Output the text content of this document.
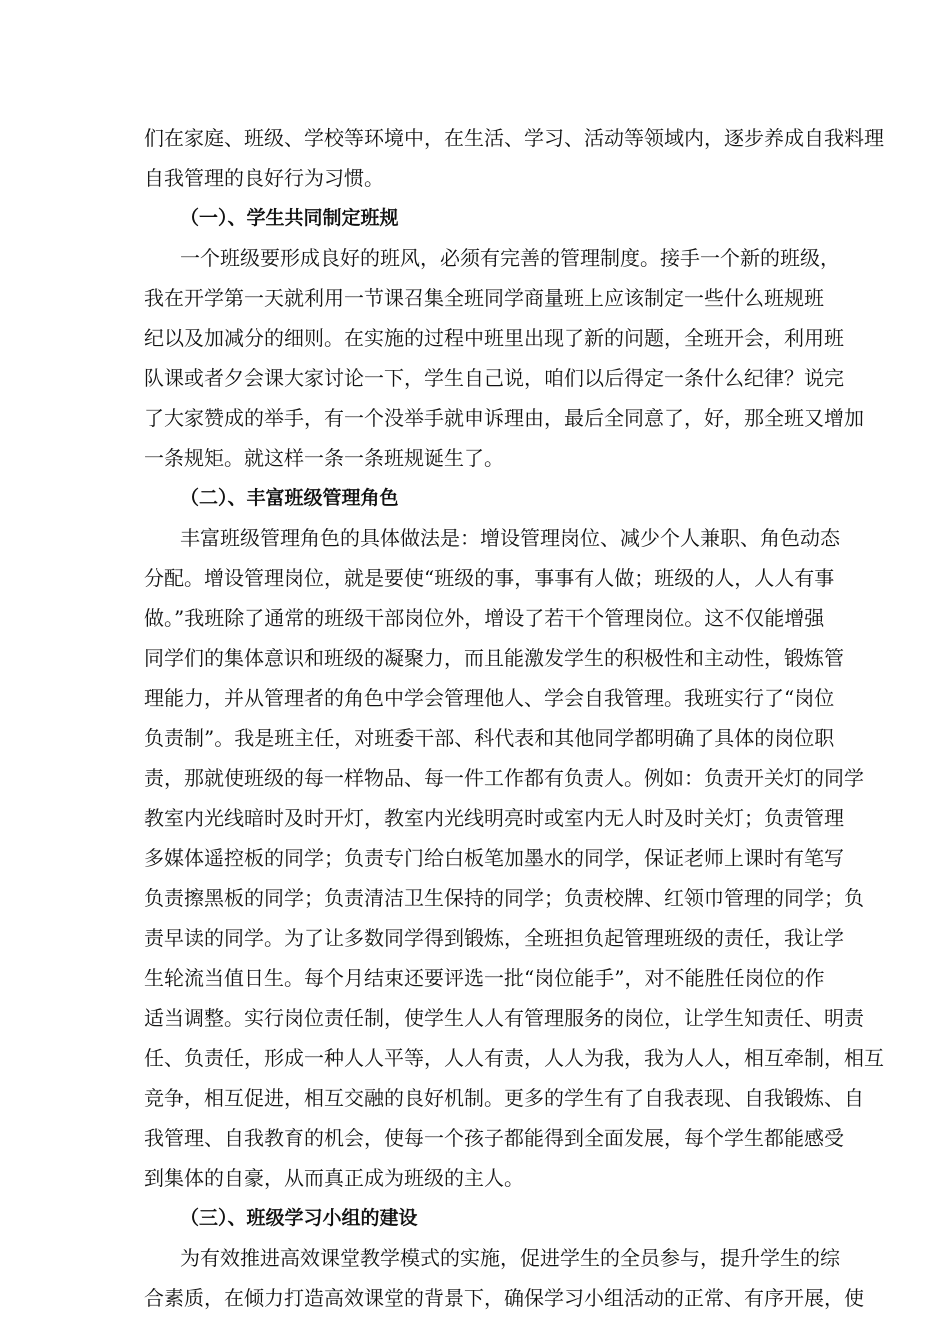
们在家庭、班级、学校等环境中，在生活、学习、活动等领域内，逐步养成自我料理
自我管理的良好行为习惯。
（一）、学生共同制定班规
一个班级要形成良好的班风，必须有完善的管理制度。接手一个新的班级，
我在开学第一天就利用一节课召集全班同学商量班上应该制定一些什么班规班
纪以及加减分的细则。在实施的过程中班里出现了新的问题，全班开会，利用班
队课或者夕会课大家讨论一下，学生自己说，咱们以后得定一条什么纪律？说完
了大家赞成的举手，有一个没举手就申诉理由，最后全同意了，好，那全班又增加
一条规矩。就这样一条一条班规诞生了。
（二）、丰富班级管理角色
丰富班级管理角色的具体做法是：增设管理岗位、减少个人兼职、角色动态
分配。增设管理岗位，就是要使“班级的事，事事有人做；班级的人，人人有事
做。”我班除了通常的班级干部岗位外，增设了若干个管理岗位。这不仅能增强
同学们的集体意识和班级的凝聚力，而且能激发学生的积极性和主动性，锻炼管
理能力，并从管理者的角色中学会管理他人、学会自我管理。我班实行了“岗位
负责制”。我是班主任，对班委干部、科代表和其他同学都明确了具体的岗位职
责，那就使班级的每一样物品、每一件工作都有负责人。例如：负责开关灯的同学
教室内光线暗时及时开灯，教室内光线明亮时或室内无人时及时关灯；负责管理
多媒体遥控板的同学；负责专门给白板笔加墨水的同学，保证老师上课时有笔写
负责擦黑板的同学；负责清洁卫生保持的同学；负责校牌、红领巾管理的同学；负
责早读的同学。为了让多数同学得到锻炼，全班担负起管理班级的责任，我让学
生轮流当值日生。每个月结束还要评选一批“岗位能手”，对不能胜任岗位的作
适当调整。实行岗位责任制，使学生人人有管理服务的岗位，让学生知责任、明责
任、负责任，形成一种人人平等，人人有责，人人为我，我为人人，相互牵制，相互
竞争，相互促进，相互交融的良好机制。更多的学生有了自我表现、自我锻炼、自
我管理、自我教育的机会，使每一个孩子都能得到全面发展，每个学生都能感受
到集体的自豪，从而真正成为班级的主人。
（三）、班级学习小组的建设
为有效推进高效课堂教学模式的实施，促进学生的全员参与，提升学生的综
合素质，在倾力打造高效课堂的背景下，确保学习小组活动的正常、有序开展，使
